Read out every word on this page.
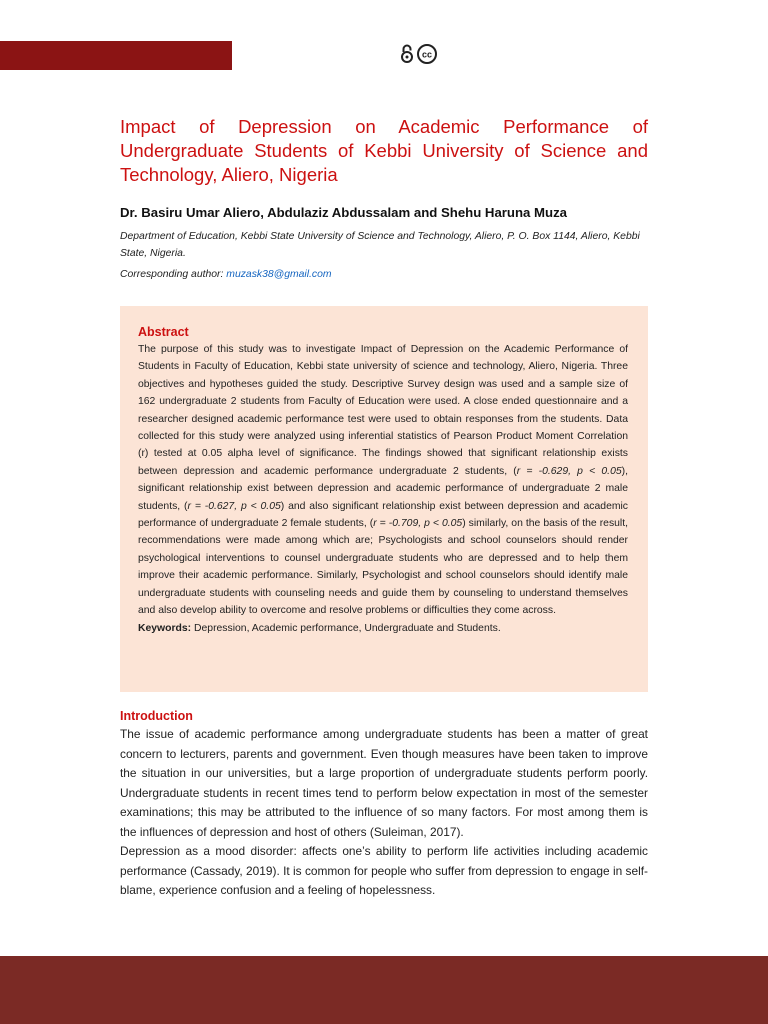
cc
Impact of Depression on Academic Performance of Undergraduate Students of Kebbi University of Science and Technology, Aliero, Nigeria
Dr. Basiru Umar Aliero, Abdulaziz Abdussalam and Shehu Haruna Muza
Department of Education, Kebbi State University of Science and Technology, Aliero, P. O. Box 1144, Aliero, Kebbi State, Nigeria.
Corresponding author: muzask38@gmail.com
Abstract
The purpose of this study was to investigate Impact of Depression on the Academic Performance of Students in Faculty of Education, Kebbi state university of science and technology, Aliero, Nigeria. Three objectives and hypotheses guided the study. Descriptive Survey design was used and a sample size of 162 undergraduate 2 students from Faculty of Education were used. A close ended questionnaire and a researcher designed academic performance test were used to obtain responses from the students. Data collected for this study were analyzed using inferential statistics of Pearson Product Moment Correlation (r) tested at 0.05 alpha level of significance. The findings showed that significant relationship exists between depression and academic performance undergraduate 2 students, (r = -0.629, p < 0.05), significant relationship exist between depression and academic performance of undergraduate 2 male students, (r = -0.627, p < 0.05) and also significant relationship exist between depression and academic performance of undergraduate 2 female students, (r = -0.709, p < 0.05) similarly, on the basis of the result, recommendations were made among which are; Psychologists and school counselors should render psychological interventions to counsel undergraduate students who are depressed and to help them improve their academic performance. Similarly, Psychologist and school counselors should identify male undergraduate students with counseling needs and guide them by counseling to understand themselves and also develop ability to overcome and resolve problems or difficulties they come across.
Keywords: Depression, Academic performance, Undergraduate and Students.
Introduction

The issue of academic performance among undergraduate students has been a matter of great concern to lecturers, parents and government. Even though measures have been taken to improve the situation in our universities, but a large proportion of undergraduate students perform poorly. Undergraduate students in recent times tend to perform below expectation in most of the semester examinations; this may be attributed to the influence of so many factors. For most among them is the influences of depression and host of others (Suleiman, 2017).

Depression as a mood disorder: affects one’s ability to perform life activities including academic performance (Cassady, 2019). It is common for people who suffer from depression to engage in self-blame, experience confusion and a feeling of hopelessness.
